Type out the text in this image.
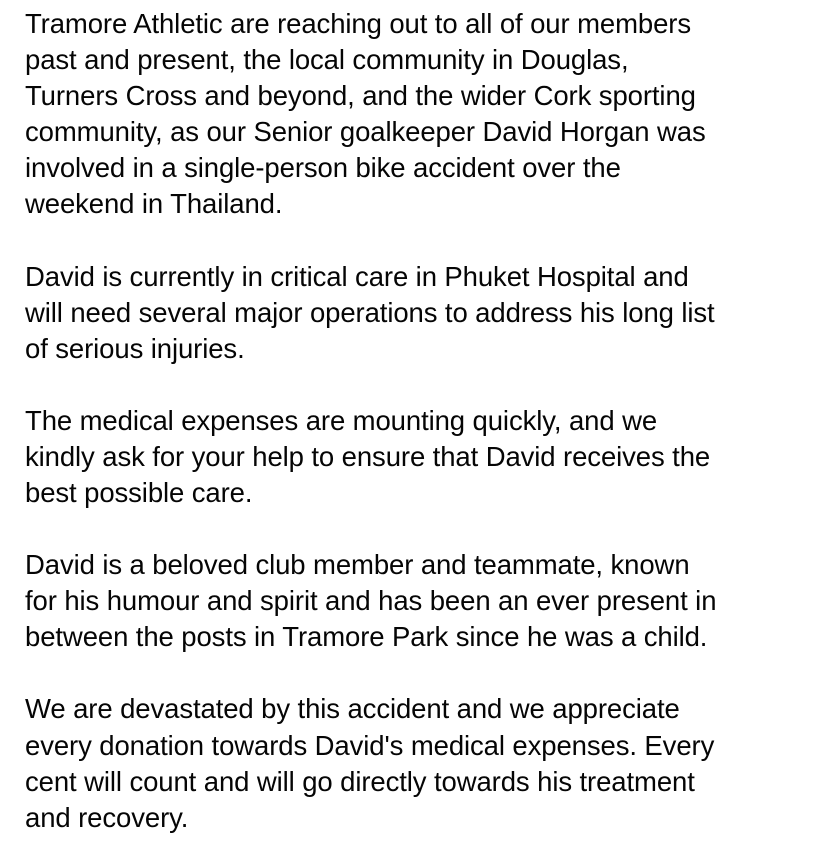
Tramore Athletic are reaching out to all of our members
past and present, the local community in Douglas,
Turners Cross and beyond, and the wider Cork sporting
community, as our Senior goalkeeper David Horgan was
involved in a single-person bike accident over the
weekend in Thailand.

David is currently in critical care in Phuket Hospital and
will need several major operations to address his long list
of serious injuries.

The medical expenses are mounting quickly, and we
kindly ask for your help to ensure that David receives the
best possible care.

David is a beloved club member and teammate, known
for his humour and spirit and has been an ever present in
between the posts in Tramore Park since he was a child.

We are devastated by this accident and we appreciate
every donation towards David's medical expenses. Every
cent will count and will go directly towards his treatment
and recovery.
